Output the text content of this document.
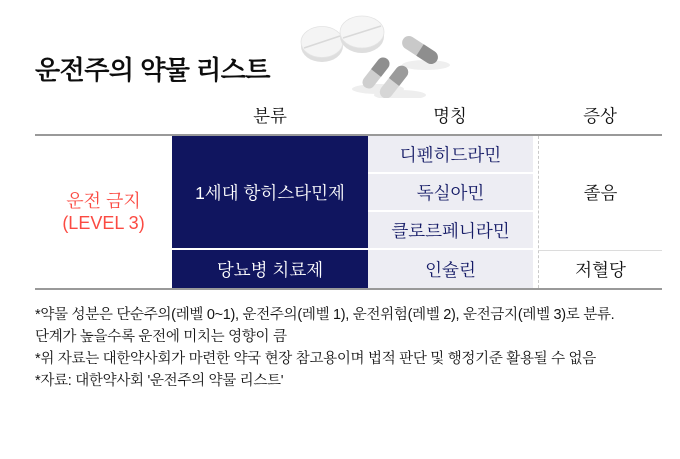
운전주의 약물 리스트
분류	명칭	증상
운전 금지
(LEVEL 3)
1세대 항히스타민제
당뇨병 치료제
디펜히드라민
독실아민
클로르페니라민
인슐린
졸음
저혈당
*약물 성분은 단순주의(레벨 0~1), 운전주의(레벨 1), 운전위험(레벨 2), 운전금지(레벨 3)로 분류.
단계가 높을수록 운전에 미치는 영향이 큼
*위 자료는 대한약사회가 마련한 약국 현장 참고용이며 법적 판단 및 행정기준 활용될 수 없음
*자료: 대한약사회 '운전주의 약물 리스트'
